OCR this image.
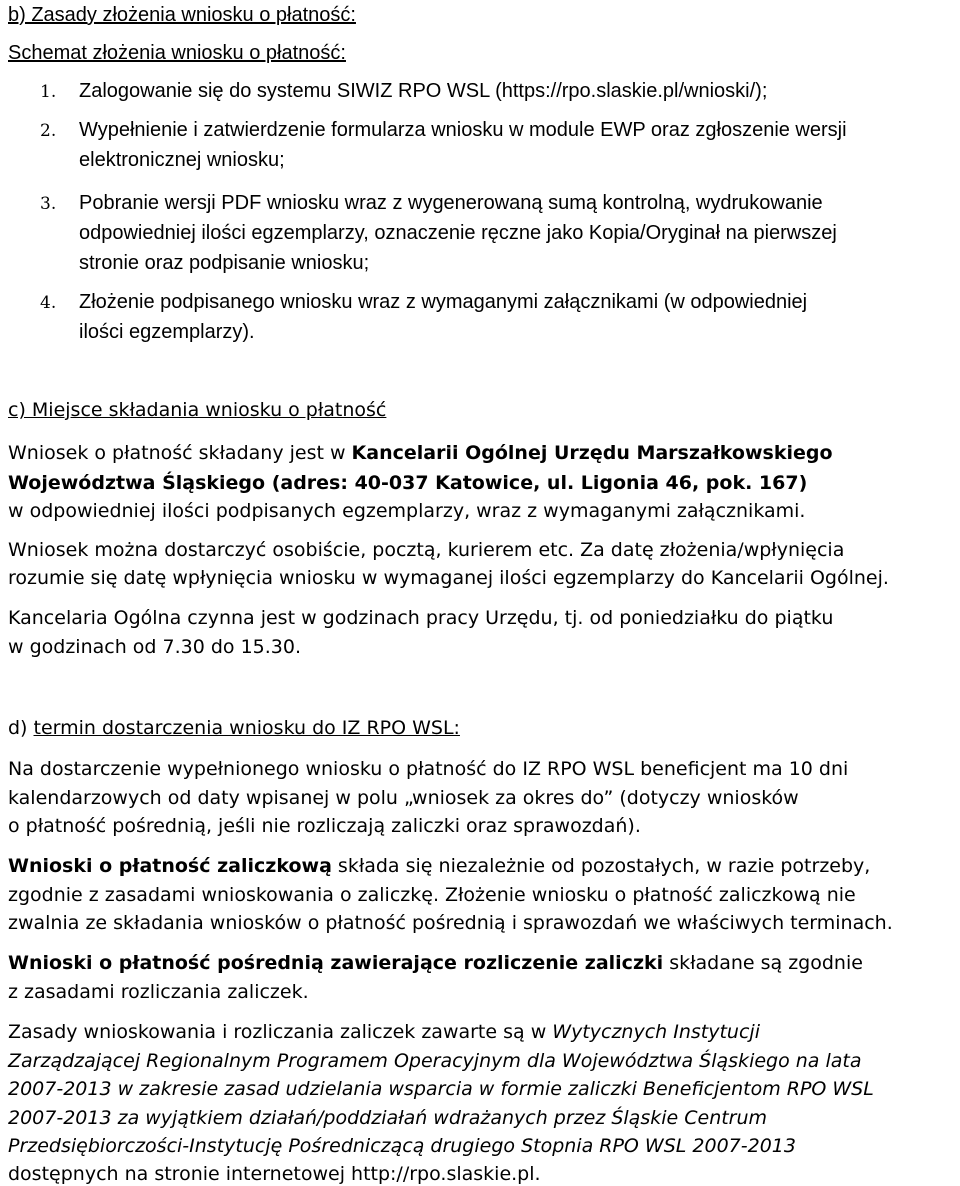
b) Zasady złożenia wniosku o płatność:
Schemat złożenia wniosku o płatność:
1. Zalogowanie się do systemu SIWIZ RPO WSL (https://rpo.slaskie.pl/wnioski/);
2. Wypełnienie i zatwierdzenie formularza wniosku w module EWP oraz zgłoszenie wersji
elektronicznej wniosku;
3. Pobranie wersji PDF wniosku wraz z wygenerowaną sumą kontrolną, wydrukowanie
odpowiedniej ilości egzemplarzy, oznaczenie ręczne jako Kopia/Oryginał na pierwszej
stronie oraz podpisanie wniosku;
4. Złożenie podpisanego wniosku wraz z wymaganymi załącznikami (w odpowiedniej
ilości egzemplarzy).
c) Miejsce składania wniosku o płatność
Wniosek o płatność składany jest w Kancelarii Ogólnej Urzędu Marszałkowskiego
Województwa Śląskiego (adres: 40-037 Katowice, ul. Ligonia 46, pok. 167)
w odpowiedniej ilości podpisanych egzemplarzy, wraz z wymaganymi załącznikami.
Wniosek można dostarczyć osobiście, pocztą, kurierem etc. Za datę złożenia/wpłynięcia
rozumie się datę wpłynięcia wniosku w wymaganej ilości egzemplarzy do Kancelarii Ogólnej.
Kancelaria Ogólna czynna jest w godzinach pracy Urzędu, tj. od poniedziałku do piątku
w godzinach od 7.30 do 15.30.
d) termin dostarczenia wniosku do IZ RPO WSL:
Na dostarczenie wypełnionego wniosku o płatność do IZ RPO WSL beneficjent ma 10 dni
kalendarzowych od daty wpisanej w polu „wniosek za okres do” (dotyczy wniosków
o płatność pośrednią, jeśli nie rozliczają zaliczki oraz sprawozdań).
Wnioski o płatność zaliczkową składa się niezależnie od pozostałych, w razie potrzeby,
zgodnie z zasadami wnioskowania o zaliczkę. Złożenie wniosku o płatność zaliczkową nie
zwalnia ze składania wniosków o płatność pośrednią i sprawozdań we właściwych terminach.
Wnioski o płatność pośrednią zawierające rozliczenie zaliczki składane są zgodnie
z zasadami rozliczania zaliczek.
Zasady wnioskowania i rozliczania zaliczek zawarte są w Wytycznych Instytucji
Zarządzającej Regionalnym Programem Operacyjnym dla Województwa Śląskiego na lata
2007-2013 w zakresie zasad udzielania wsparcia w formie zaliczki Beneficjentom RPO WSL
2007-2013 za wyjątkiem działań/poddziałań wdrażanych przez Śląskie Centrum
Przedsiębiorczości-Instytucję Pośredniczącą drugiego Stopnia RPO WSL 2007-2013
dostępnych na stronie internetowej http://rpo.slaskie.pl.
